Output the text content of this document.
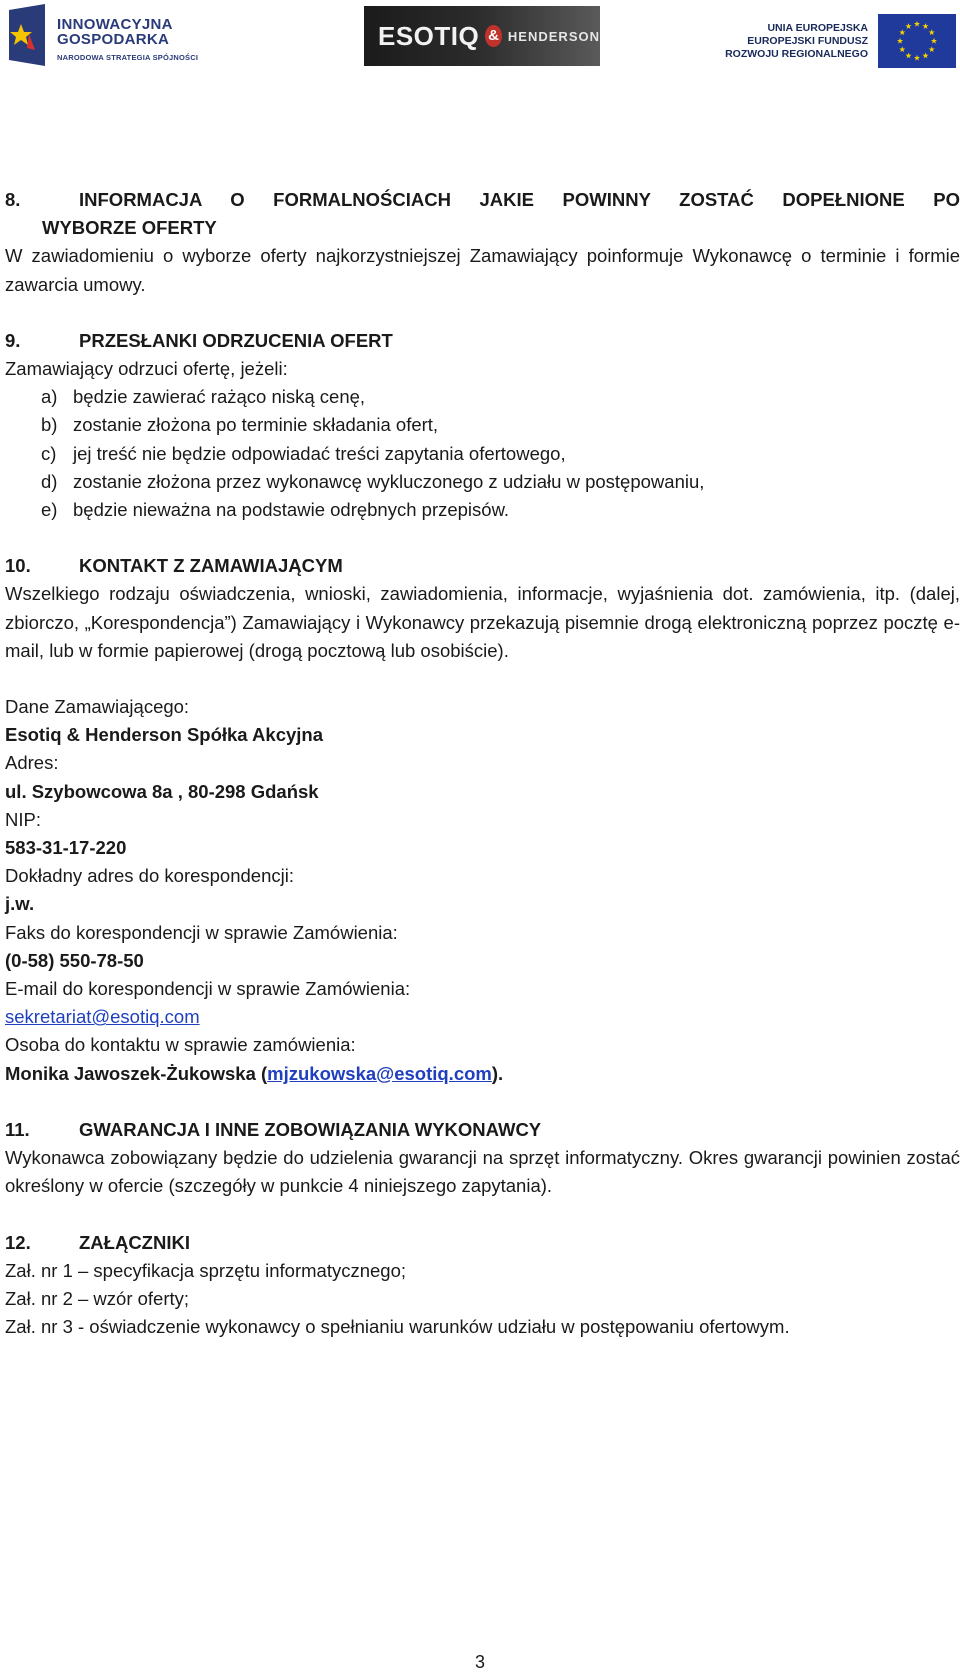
INNOWACYJNA
GOSPODARKA
NARODOWA STRATEGIA SPÓJNOŚCI
ESOTIQ & HENDERSON
UNIA EUROPEJSKA
EUROPEJSKI FUNDUSZ
ROZWOJU REGIONALNEGO
8.	INFORMACJA O FORMALNOŚCIACH JAKIE POWINNY ZOSTAĆ DOPEŁNIONE PO
WYBORZE OFERTY

W zawiadomieniu o wyborze oferty najkorzystniejszej Zamawiający poinformuje Wykonawcę o terminie i formie zawarcia umowy.

9.	PRZESŁANKI ODRZUCENIA OFERT

Zamawiający odrzuci ofertę, jeżeli:

a) będzie zawierać rażąco niską cenę,
b) zostanie złożona po terminie składania ofert,
c) jej treść nie będzie odpowiadać treści zapytania ofertowego,
d) zostanie złożona przez wykonawcę wykluczonego z udziału w postępowaniu,
e) będzie nieważna na podstawie odrębnych przepisów.
10.	KONTAKT Z ZAMAWIAJĄCYM

Wszelkiego rodzaju oświadczenia, wnioski, zawiadomienia, informacje, wyjaśnienia dot. zamówienia, itp. (dalej, zbiorczo, „Korespondencja”) Zamawiający i Wykonawcy przekazują pisemnie drogą elektroniczną poprzez pocztę e-mail, lub w formie papierowej (drogą pocztową lub osobiście).

Dane Zamawiającego:

Esotiq & Henderson Spółka Akcyjna

Adres:

ul. Szybowcowa 8a , 80-298 Gdańsk

NIP:

583-31-17-220

Dokładny adres do korespondencji:

j.w.

Faks do korespondencji w sprawie Zamówienia:

(0-58) 550-78-50

E-mail do korespondencji w sprawie Zamówienia:

sekretariat@esotiq.com

Osoba do kontaktu w sprawie zamówienia:

Monika Jawoszek-Żukowska (mjzukowska@esotiq.com).

11.	GWARANCJA I INNE ZOBOWIĄZANIA WYKONAWCY

Wykonawca zobowiązany będzie do udzielenia gwarancji na sprzęt informatyczny. Okres gwarancji powinien zostać określony w ofercie (szczegóły w punkcie 4 niniejszego zapytania).

12.	ZAŁĄCZNIKI

Zał. nr 1 – specyfikacja sprzętu informatycznego;

Zał. nr 2 – wzór oferty;

Zał. nr 3 - oświadczenie wykonawcy o spełnianiu warunków udziału w postępowaniu ofertowym.

3
